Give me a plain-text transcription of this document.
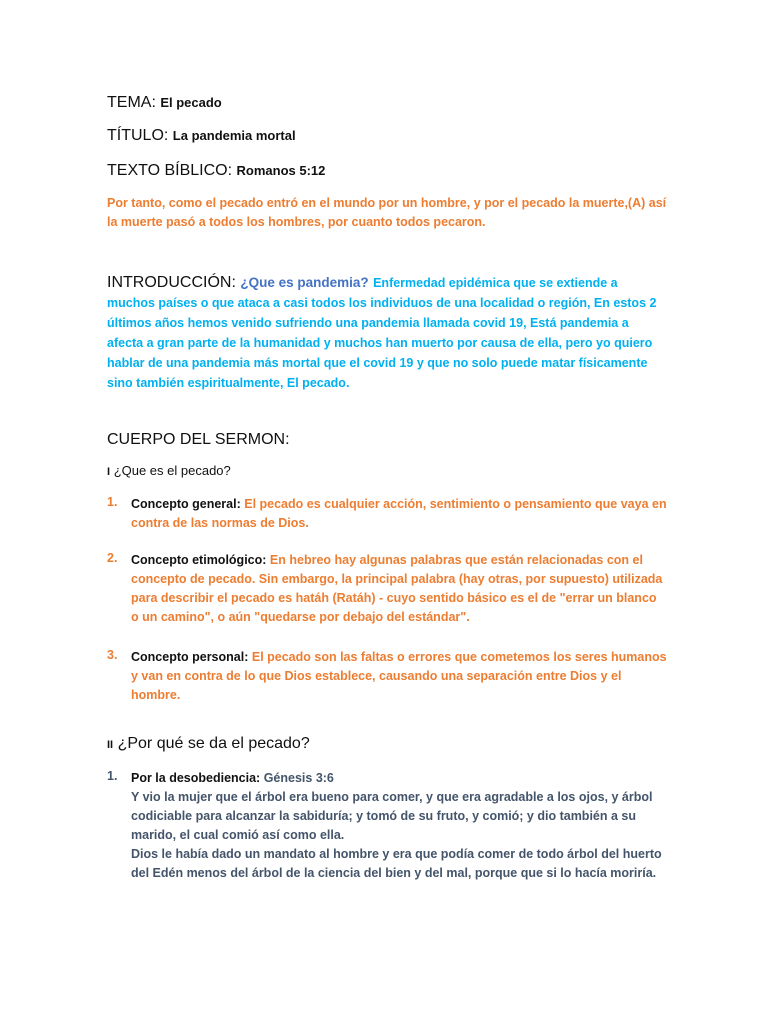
TEMA: El pecado
TÍTULO: La pandemia mortal
TEXTO BÍBLICO: Romanos 5:12

Por tanto, como el pecado entró en el mundo por un hombre, y por el pecado la muerte,(A) así la muerte pasó a todos los hombres, por cuanto todos pecaron.

INTRODUCCIÓN: ¿Que es pandemia? Enfermedad epidémica que se extiende a muchos países o que ataca a casi todos los individuos de una localidad o región, En estos 2 últimos años hemos venido sufriendo una pandemia llamada covid 19, Está pandemia a afecta a gran parte de la humanidad y muchos han muerto por causa de ella, pero yo quiero hablar de una pandemia más mortal que el covid 19 y que no solo puede matar físicamente sino también espiritualmente, El pecado.

CUERPO DEL SERMON:
I ¿Que es el pecado?
1. Concepto general: El pecado es cualquier acción, sentimiento o pensamiento que vaya en contra de las normas de Dios.

2. Concepto etimológico: En hebreo hay algunas palabras que están relacionadas con el concepto de pecado. Sin embargo, la principal palabra (hay otras, por supuesto) utilizada para describir el pecado es hatáh (Ratáh) - cuyo sentido básico es el de "errar un blanco o un camino", o aún "quedarse por debajo del estándar".

3. Concepto personal: El pecado son las faltas o errores que cometemos los seres humanos y van en contra de lo que Dios establece, causando una separación entre Dios y el hombre.

II ¿Por qué se da el pecado?
1. Por la desobediencia: Génesis 3:6

Y vio la mujer que el árbol era bueno para comer, y que era agradable a los ojos, y árbol codiciable para alcanzar la sabiduría; y tomó de su fruto, y comió; y dio también a su marido, el cual comió así como ella.

Dios le había dado un mandato al hombre y era que podía comer de todo árbol del huerto del Edén menos del árbol de la ciencia del bien y del mal, porque que si lo hacía moriría.
